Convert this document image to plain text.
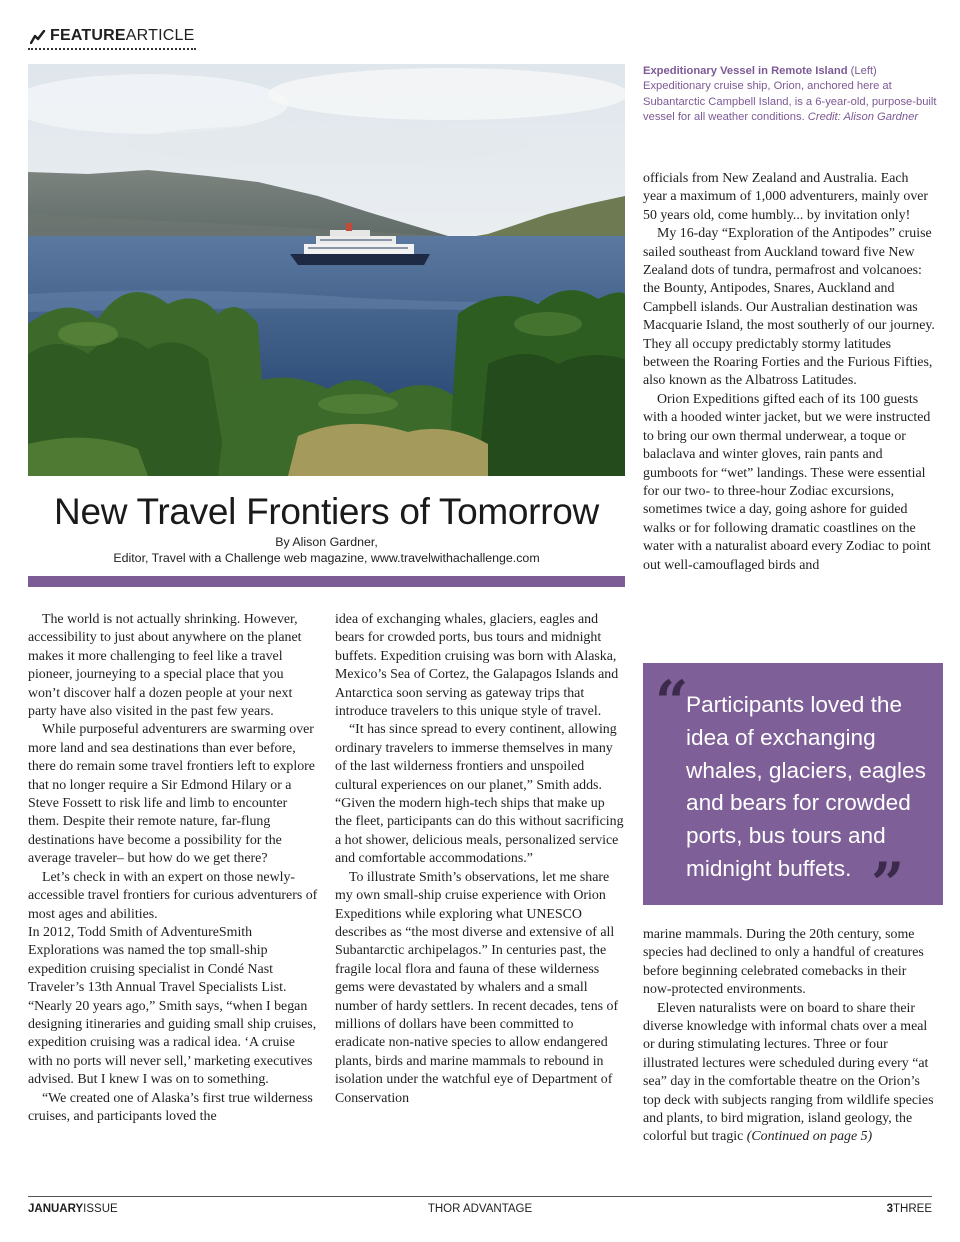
FEATUREARTICLE
Expeditionary Vessel in Remote Island (Left) Expeditionary cruise ship, Orion, anchored here at Subantarctic Campbell Island, is a 6-year-old, purpose-built vessel for all weather conditions. Credit: Alison Gardner
New Travel Frontiers of Tomorrow
By Alison Gardner,
Editor, Travel with a Challenge web magazine, www.travelwithachallenge.com

The world is not actually shrinking. However, accessibility to just about anywhere on the planet makes it more challenging to feel like a travel pioneer, journeying to a special place that you won’t discover half a dozen people at your next party have also visited in the past few years.

While purposeful adventurers are swarming over more land and sea destinations than ever before, there do remain some travel frontiers left to explore that no longer require a Sir Edmond Hilary or a Steve Fossett to risk life and limb to encounter them. Despite their remote nature, far-flung destinations have become a possibility for the average traveler– but how do we get there?

Let’s check in with an expert on those newly-accessible travel frontiers for curious adventurers of most ages and abilities.

In 2012, Todd Smith of AdventureSmith Explorations was named the top small-ship expedition cruising specialist in Condé Nast Traveler’s 13th Annual Travel Specialists List. “Nearly 20 years ago,” Smith says, “when I began designing itineraries and guiding small ship cruises, expedition cruising was a radical idea. ‘A cruise with no ports will never sell,’ marketing executives advised. But I knew I was on to something.

“We created one of Alaska’s first true wilderness cruises, and participants loved the

idea of exchanging whales, glaciers, eagles and bears for crowded ports, bus tours and midnight buffets. Expedition cruising was born with Alaska, Mexico’s Sea of Cortez, the Galapagos Islands and Antarctica soon serving as gateway trips that introduce travelers to this unique style of travel.

“It has since spread to every continent, allowing ordinary travelers to immerse themselves in many of the last wilderness frontiers and unspoiled cultural experiences on our planet,” Smith adds. “Given the modern high-tech ships that make up the fleet, participants can do this without sacrificing a hot shower, delicious meals, personalized service and comfortable accommodations.”

To illustrate Smith’s observations, let me share my own small-ship cruise experience with Orion Expeditions while exploring what UNESCO describes as “the most diverse and extensive of all Subantarctic archipelagos.” In centuries past, the fragile local flora and fauna of these wilderness gems were devastated by whalers and a small number of hardy settlers. In recent decades, tens of millions of dollars have been committed to eradicate non-native species to allow endangered plants, birds and marine mammals to rebound in isolation under the watchful eye of Department of Conservation

officials from New Zealand and Australia. Each year a maximum of 1,000 adventurers, mainly over 50 years old, come humbly... by invitation only!

My 16-day “Exploration of the Antipodes” cruise sailed southeast from Auckland toward five New Zealand dots of tundra, permafrost and volcanoes: the Bounty, Antipodes, Snares, Auckland and Campbell islands. Our Australian destination was Macquarie Island, the most southerly of our journey. They all occupy predictably stormy latitudes between the Roaring Forties and the Furious Fifties, also known as the Albatross Latitudes.

Orion Expeditions gifted each of its 100 guests with a hooded winter jacket, but we were instructed to bring our own thermal underwear, a toque or balaclava and winter gloves, rain pants and gumboots for “wet” landings. These were essential for our two- to three-hour Zodiac excursions, sometimes twice a day, going ashore for guided walks or for following dramatic coastlines on the water with a naturalist aboard every Zodiac to point out well-camouflaged birds and

“
Participants loved the idea of exchanging whales, glaciers, eagles and bears for crowded ports, bus tours and midnight buffets. ”

marine mammals. During the 20th century, some species had declined to only a handful of creatures before beginning celebrated comebacks in their now-protected environments.

Eleven naturalists were on board to share their diverse knowledge with informal chats over a meal or during stimulating lectures. Three or four illustrated lectures were scheduled during every “at sea” day in the comfortable theatre on the Orion’s top deck with subjects ranging from wildlife species and plants, to bird migration, island geology, the colorful but tragic (Continued on page 5)

JANUARYISSUE	THOR ADVANTAGE	3THREE
